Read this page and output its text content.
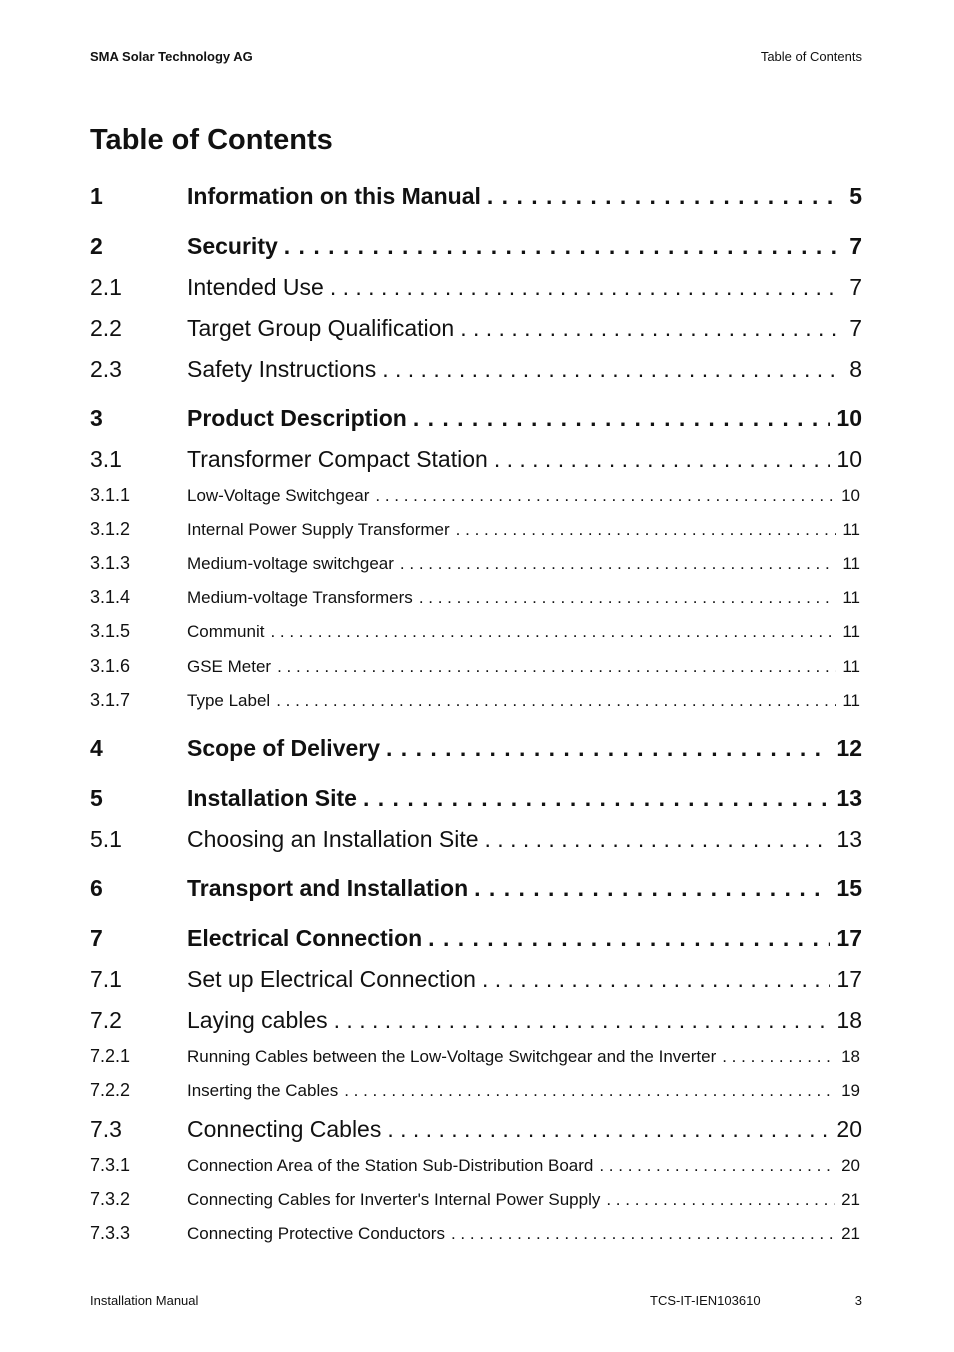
SMA Solar Technology AG	Table of Contents
Table of Contents
1	Information on this Manual . . .	5
2	Security . . .	7
2.1	Intended Use . . .	7
2.2	Target Group Qualification . . .	7
2.3	Safety Instructions . . .	8
3	Product Description . . .	10
3.1	Transformer Compact Station . . .	10
3.1.1	Low-Voltage Switchgear . . .	10
3.1.2	Internal Power Supply Transformer . . .	11
3.1.3	Medium-voltage switchgear . . .	11
3.1.4	Medium-voltage Transformers . . .	11
3.1.5	Communit . . .	11
3.1.6	GSE Meter . . .	11
3.1.7	Type Label . . .	11
4	Scope of Delivery . . .	12
5	Installation Site . . .	13
5.1	Choosing an Installation Site . . .	13
6	Transport and Installation . . .	15
7	Electrical Connection . . .	17
7.1	Set up Electrical Connection . . .	17
7.2	Laying cables . . .	18
7.2.1	Running Cables between the Low-Voltage Switchgear and the Inverter . . .	18
7.2.2	Inserting the Cables . . .	19
7.3	Connecting Cables . . .	20
7.3.1	Connection Area of the Station Sub-Distribution Board . . .	20
7.3.2	Connecting Cables for Inverter's Internal Power Supply . . .	21
7.3.3	Connecting Protective Conductors . . .	21
Installation Manual	TCS-IT-IEN103610	3
